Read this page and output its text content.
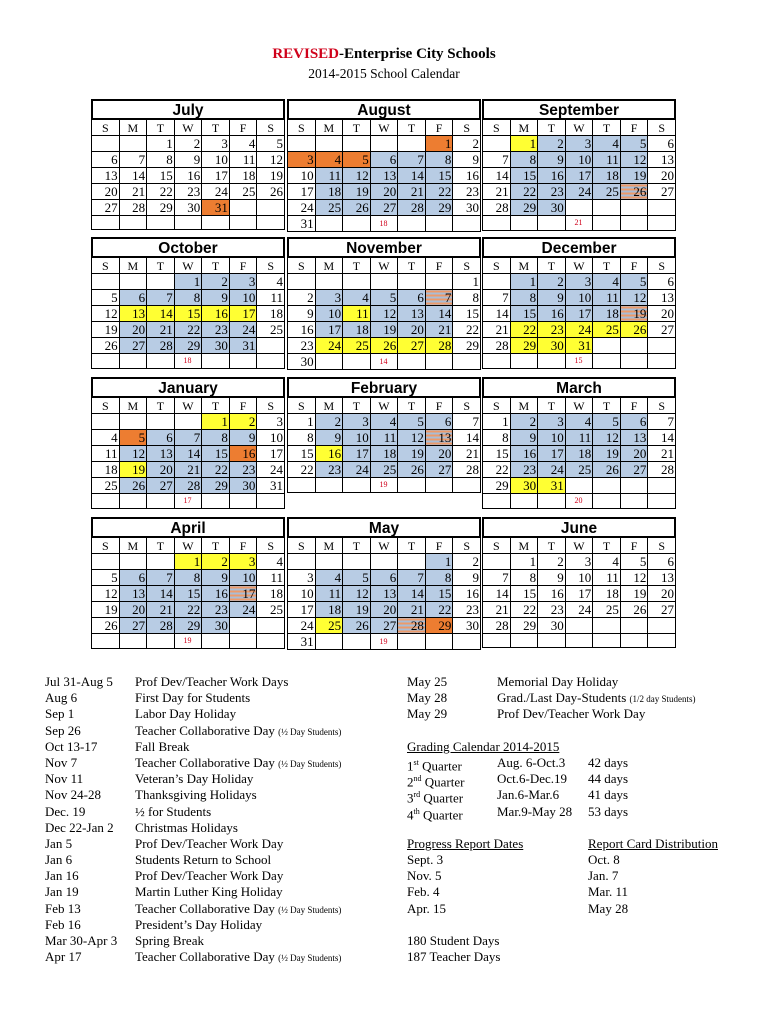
REVISED-Enterprise City Schools
2014-2015 School Calendar
July
S	M	T	W	T	F	S
		1	2	3	4	5
6	7	8	9	10	11	12
13	14	15	16	17	18	19
20	21	22	23	24	25	26
27	28	29	30	31		

August
S	M	T	W	T	F	S
					1	2
3	4	5	6	7	8	9
10	11	12	13	14	15	16
17	18	19	20	21	22	23
24	25	26	27	28	29	30
31			18			
September
S	M	T	W	T	F	S
	1	2	3	4	5	6
7	8	9	10	11	12	13
14	15	16	17	18	19	20
21	22	23	24	25	26	27
28	29	30				
			21			
October
S	M	T	W	T	F	S
			1	2	3	4
5	6	7	8	9	10	11
12	13	14	15	16	17	18
19	20	21	22	23	24	25
26	27	28	29	30	31	
			18			
November
S	M	T	W	T	F	S
						1
2	3	4	5	6	7	8
9	10	11	12	13	14	15
16	17	18	19	20	21	22
23	24	25	26	27	28	29
30			14			
December
S	M	T	W	T	F	S
	1	2	3	4	5	6
7	8	9	10	11	12	13
14	15	16	17	18	19	20
21	22	23	24	25	26	27
28	29	30	31			
			15			
January
S	M	T	W	T	F	S
				1	2	3
4	5	6	7	8	9	10
11	12	13	14	15	16	17
18	19	20	21	22	23	24
25	26	27	28	29	30	31
			17			
February
S	M	T	W	T	F	S
1	2	3	4	5	6	7
8	9	10	11	12	13	14
15	16	17	18	19	20	21
22	23	24	25	26	27	28
			19			
March
S	M	T	W	T	F	S
1	2	3	4	5	6	7
8	9	10	11	12	13	14
15	16	17	18	19	20	21
22	23	24	25	26	27	28
29	30	31				
			20			
April
S	M	T	W	T	F	S
			1	2	3	4
5	6	7	8	9	10	11
12	13	14	15	16	17	18
19	20	21	22	23	24	25
26	27	28	29	30		
			19			
May
S	M	T	W	T	F	S
					1	2
3	4	5	6	7	8	9
10	11	12	13	14	15	16
17	18	19	20	21	22	23
24	25	26	27	28	29	30
31			19			
June
S	M	T	W	T	F	S
	1	2	3	4	5	6
7	8	9	10	11	12	13
14	15	16	17	18	19	20
21	22	23	24	25	26	27
28	29	30				

Jul 31-Aug 5 Prof Dev/Teacher Work Days
Aug 6	First Day for Students
Sep 1	Labor Day Holiday
Sep 26	Teacher Collaborative Day (½ Day Students)
Oct 13-17	Fall Break
Nov 7	Teacher Collaborative Day (½ Day Students)
Nov 11	Veteran’s Day Holiday
Nov 24-28	Thanksgiving Holidays
Dec. 19	½ for Students
Dec 22-Jan 2 Christmas Holidays
Jan 5	Prof Dev/Teacher Work Day
Jan 6	Students Return to School
Jan 16	Prof Dev/Teacher Work Day
Jan 19	Martin Luther King Holiday
Feb 13	Teacher Collaborative Day (½ Day Students)
Feb 16	President’s Day Holiday
Mar 30-Apr 3 Spring Break
Apr 17	Teacher Collaborative Day (½ Day Students)
May 25	Memorial Day Holiday
May 28	Grad./Last Day-Students (1/2 day Students)
May 29	Prof Dev/Teacher Work Day
Grading Calendar 2014-2015
1st Quarter	Aug. 6-Oct.3 42 days
2nd Quarter	Oct.6-Dec.19 44 days
3rd Quarter	Jan.6-Mar.6 41 days
4th Quarter	Mar.9-May 28 53 days
Progress Report Dates	Report Card Distribution
Sept. 3	Oct. 8
Nov. 5	Jan. 7
Feb. 4	Mar. 11
Apr. 15	May 28
180 Student Days
187 Teacher Days
